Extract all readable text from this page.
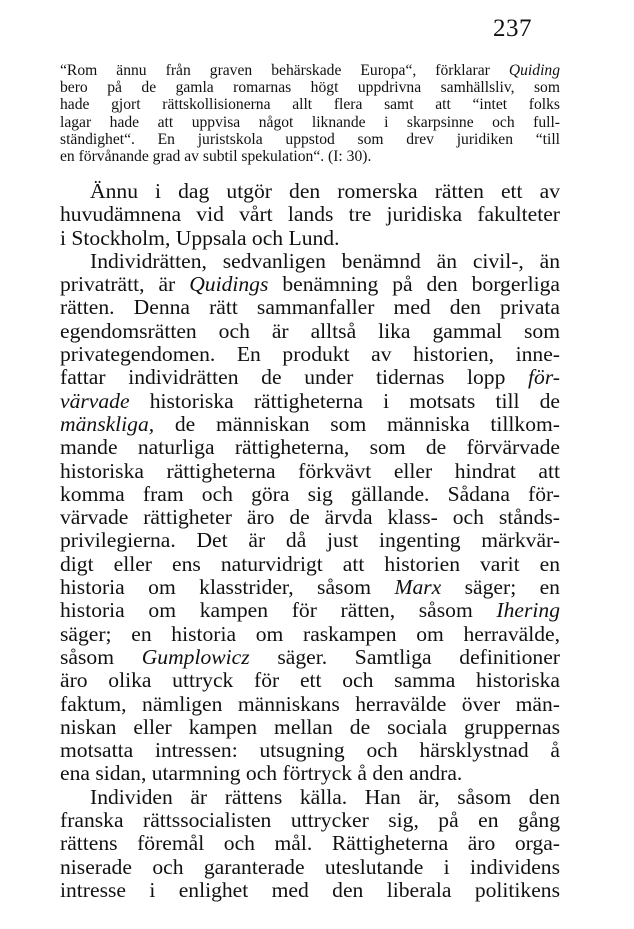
237
“Rom ännu från graven behärskade Europa“, förklarar Quiding
bero på de gamla romarnas högt uppdrivna samhällsliv, som
hade gjort rättskollisionerna allt flera samt att “intet folks
lagar hade att uppvisa något liknande i skarpsinne och full-
ständighet“. En juristskola uppstod som drev juridiken “till
en förvånande grad av subtil spekulation“. (I: 30).
Ännu i dag utgör den romerska rätten ett av
huvudämnena vid vårt lands tre juridiska fakulteter
i Stockholm, Uppsala och Lund.
Individrätten, sedvanligen benämnd än civil-, än
privaträtt, är Quidings benämning på den borgerliga
rätten. Denna rätt sammanfaller med den privata
egendomsrätten och är alltså lika gammal som
privategendomen. En produkt av historien, inne-
fattar individrätten de under tidernas lopp för-
värvade historiska rättigheterna i motsats till de
mänskliga, de människan som människa tillkom-
mande naturliga rättigheterna, som de förvärvade
historiska rättigheterna förkvävt eller hindrat att
komma fram och göra sig gällande. Sådana för-
värvade rättigheter äro de ärvda klass- och stånds-
privilegierna. Det är då just ingenting märkvär-
digt eller ens naturvidrigt att historien varit en
historia om klasstrider, såsom Marx säger; en
historia om kampen för rätten, såsom Ihering
säger; en historia om raskampen om herravälde,
såsom Gumplowicz säger. Samtliga definitioner
äro olika uttryck för ett och samma historiska
faktum, nämligen människans herravälde över män-
niskan eller kampen mellan de sociala gruppernas
motsatta intressen: utsugning och härsklystnad å
ena sidan, utarmning och förtryck å den andra.
Individen är rättens källa. Han är, såsom den
franska rättssocialisten uttrycker sig, på en gång
rättens föremål och mål. Rättigheterna äro orga-
niserade och garanterade uteslutande i individens
intresse i enlighet med den liberala politikens
